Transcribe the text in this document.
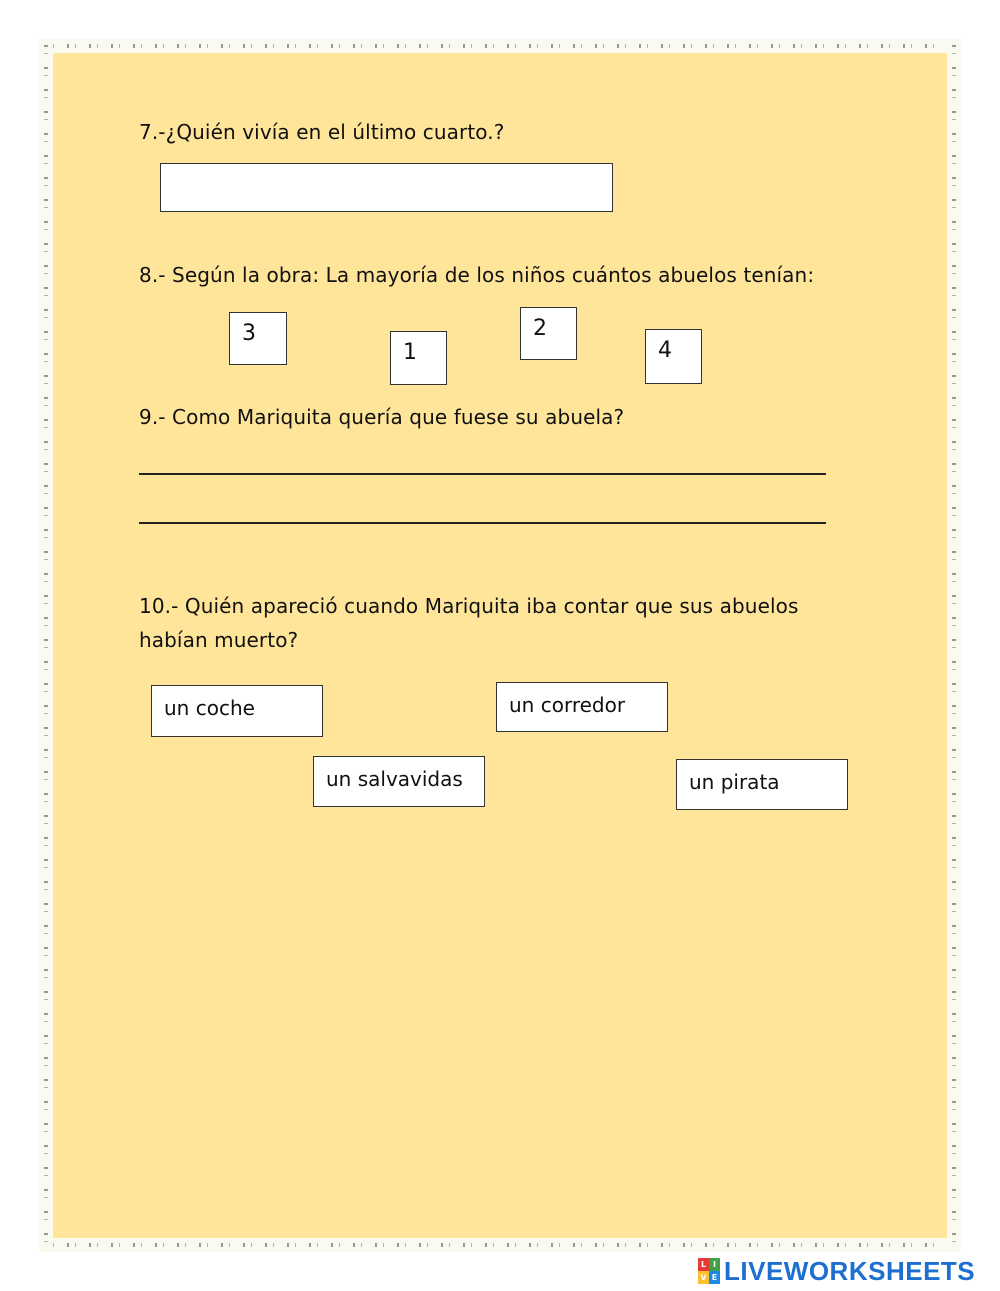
7.-¿Quién vivía en el último cuarto.?
8.- Según la obra: La mayoría de los niños cuántos abuelos tenían:
3
1
2
4
9.- Como Mariquita quería que fuese su abuela?
10.- Quién apareció cuando Mariquita iba contar que sus abuelos
habían muerto?
un coche	un corredor
un salvavidas	un pirata
L I
V E LIVEWORKSHEETS
